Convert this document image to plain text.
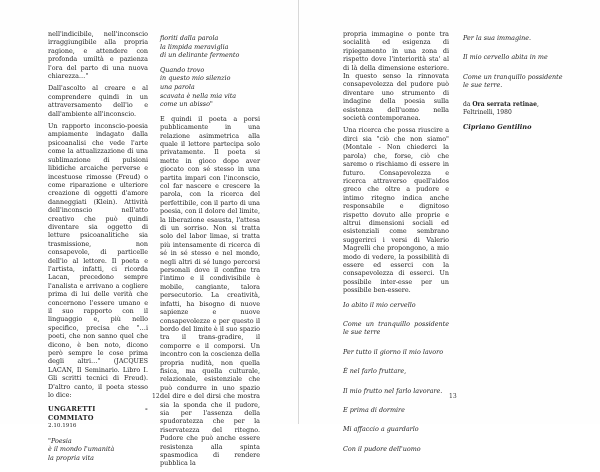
nell'indicibile, nell'inconscio irraggiungibile alla propria ragione, e attendere con profonda umiltà e pazienza l'ora del parto di una nuova chiarezza…"

Dall'ascolto al creare e al comprendere quindi in un attraversamento dell'io e dall'ambiente all'inconscio.

Un rapporto inconscio-poesia ampiamente indagato dalla psicoanalisi che vede l'arte come la attualizzazione di una sublimazione di pulsioni libidiche arcaiche perverse e incestuose rimosse (Freud) o come riparazione e ulteriore creazione di oggetti d'amore danneggiati (Klein). Attività dell'inconscio nell'atto creativo che può quindi diventare sia oggetto di letture psicoanalitiche sia trasmissione, non consapevole, di particelle dell'io al lettore. Il poeta e l'artista, infatti, ci ricorda Lacan, precedono sempre l'analista e arrivano a cogliere prima di lui delle verità che concernono l'essere umano e il suo rapporto con il linguaggio e, più nello specifico, precisa che "…i poeti, che non sanno quel che dicono, è ben noto, dicono però sempre le cose prima degli altri…" (JACQUES LACAN, Il Seminario. Libro I. Gli scritti tecnici di Freud). D'altro canto, il poeta stesso lo dice:

UNGARETTI - COMMIATO
2.10.1916
"Poesia
è il mondo l'umanità
la propria vita
fioriti dalla parola
la limpida meraviglia
di un delirante fermento
Quando trovo
in questo mio silenzio
una parola
scavata è nella mia vita
come un abisso"

E quindi il poeta a porsi pubblicamente in una relazione asimmetrica alla quale il lettore partecipa solo privatamente. Il poeta si mette in gioco dopo aver giocato con sé stesso in una partita impari con l'inconscio, col far nascere e crescere la parola, con la ricerca del perfettibile, con il parto di una poesia, con il dolore del limite, la liberazione esausta, l'attesa di un sorriso. Non si tratta solo del labor limae, si tratta più intensamente di ricerca di sé in sé stesso e nel mondo, negli altri di sé lungo percorsi personali dove il confine tra l'intimo e il condivisibile è mobile, cangiante, talora persecutorio. La creatività, infatti, ha bisogno di nuove sapienze e nuove consapevolezze e per questo il bordo del limite è il suo spazio tra il trans-gradire, il comporre e il comporsi. Un incontro con la coscienza della propria nudità, non quella fisica, ma quella culturale, relazionale, esistenziale che può condurre in uno spazio del dire e del dirsi che mostra sia la sponda che il pudore, sia per l'assenza della spudoratezza che per la riservatezza del ritegno. Pudore che può anche essere resistenza alla spinta spasmodica di rendere pubblica la

12

propria immagine o ponte tra socialità ed esigenza di ripiegamento in una zona di rispetto dove l'interiorità sta' al di là della dimensione esteriore. In questo senso la rinnovata consapevolezza del pudore può diventare uno strumento di indagine della poesia sulla esistenza dell'uomo nella società contemporanea.

Una ricerca che possa riuscire a dirci sia "ciò che non siamo" (Montale - Non chiederci la parola) che, forse, ciò che saremo o rischiamo di essere in futuro. Consapevolezza e ricerca attraverso quell'aidos greco che oltre a pudore e intimo ritegno indica anche responsabile e dignitoso rispetto dovuto alle proprie e altrui dimensioni sociali ed esistenziali come sembrano suggerirci i versi di Valerio Magrelli che propongono, a mio modo di vedere, la possibilità di essere ed esserci con la consapevolezza di esserci. Un possibile inter-esse per un possibile ben-essere.

Io abito il mio cervello
Come un tranquillo possidente le sue terre
Per tutto il giorno il mio lavoro
È nel farlo fruttare,
Il mio frutto nel farlo lavorare.
E prima di dormire
Mi affaccio a guardarlo
Con il pudore dell'uomo
Per la sua immagine.
Il mio cervello abita in me
Come un tranquillo possidente le sue terre.
da Ora serrata retinae, Feltrinelli, 1980
Cipriano Gentilino
13
